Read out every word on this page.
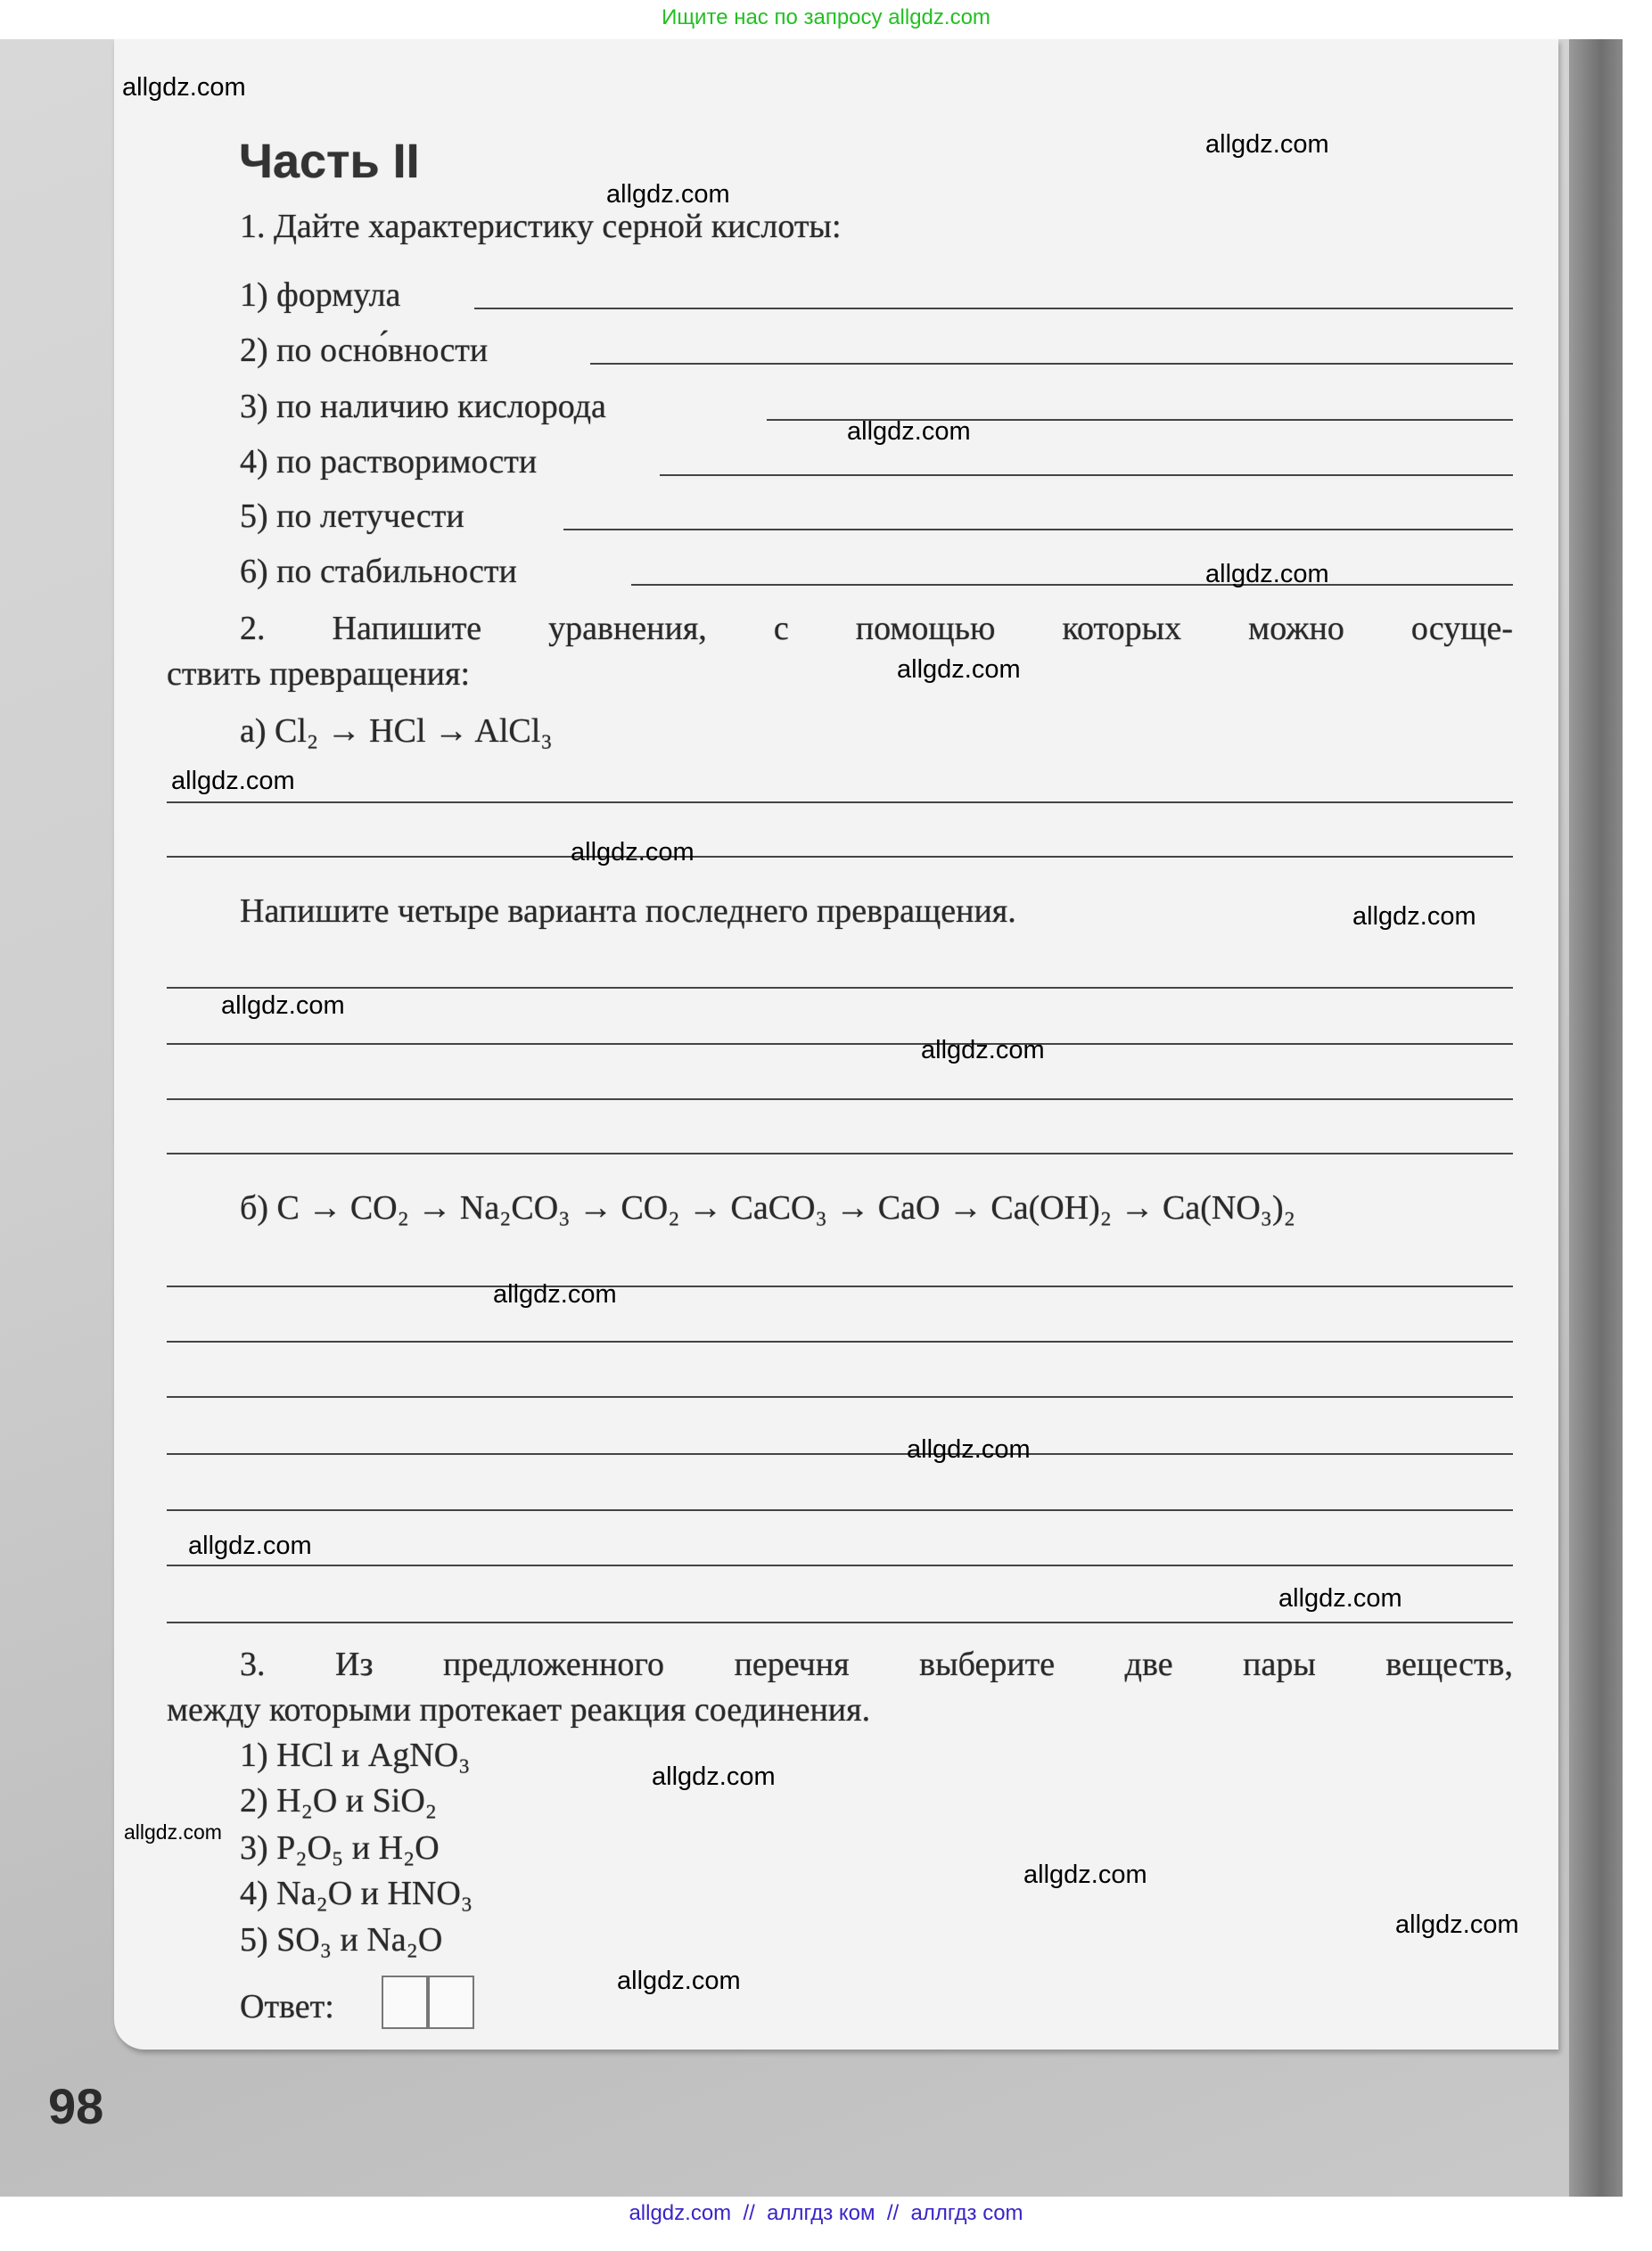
Ищите нас по запросу allgdz.com
Часть II
1. Дайте характеристику серной кислоты:
1) формула
2) по осно́вности
3) по наличию кислорода
4) по растворимости
5) по летучести
6) по стабильности
2. Напишите уравнения, с помощью которых можно осуще-
ствить превращения:
а) Cl₂ → HCl → AlCl₃
Напишите четыре варианта последнего превращения.
б) C → CO₂ → Na₂CO₃ → CO₂ → CaCO₃ → CaO → Ca(OH)₂ → Ca(NO₃)₂
3. Из предложенного перечня выберите две пары веществ,
между которыми протекает реакция соединения.
1) HCl и AgNO₃
2) H₂O и SiO₂
3) P₂O₅ и H₂O
4) Na₂O и HNO₃
5) SO₃ и Na₂O
Ответ:
98
allgdz.com
allgdz.com
allgdz.com
allgdz.com
allgdz.com
allgdz.com
allgdz.com
allgdz.com
allgdz.com
allgdz.com
allgdz.com
allgdz.com
allgdz.com
allgdz.com
allgdz.com
allgdz.com
allgdz.com
allgdz.com
allgdz.com
allgdz.com
allgdz.com  //  аллгдз ком  //  аллгдз com
